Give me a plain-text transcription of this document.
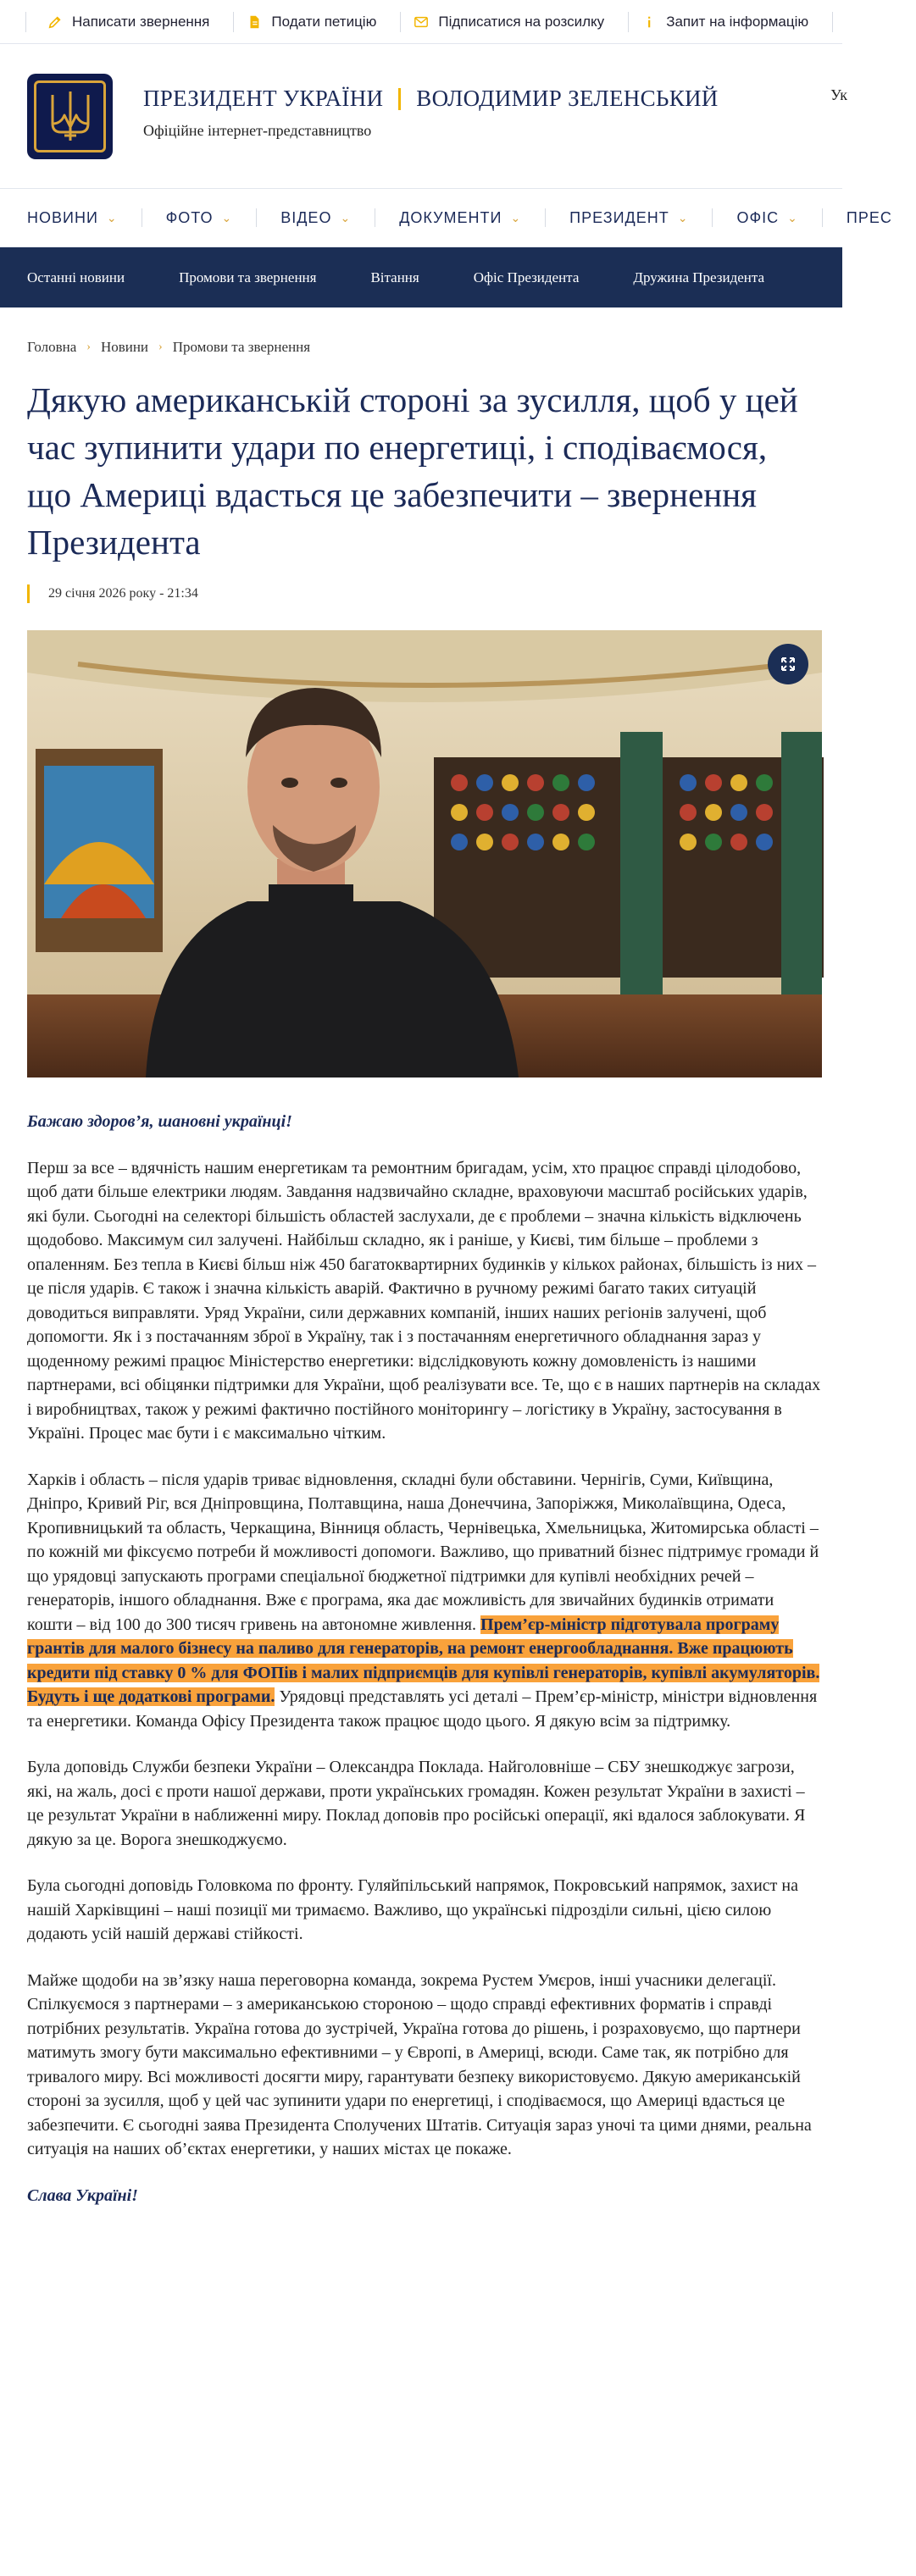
Написати звернення	Подати петицію	Підписатися на розсилку	Запит на інформацію
ПРЕЗИДЕНТ УКРАЇНИ ВОЛОДИМИР ЗЕЛЕНСЬКИЙ
Офіційне інтернет-представництво
Ук
НОВИНИ ⌄	ФОТО ⌄	ВІДЕО ⌄	ДОКУМЕНТИ ⌄	ПРЕЗИДЕНТ ⌄	ОФІС ⌄	ПРЕС
Останні новини	Промови та звернення	Вітання	Офіс Президента	Дружина Президента
Головна › Новини › Промови та звернення
Дякую американській стороні за зусилля, щоб у цей час зупинити удари по енергетиці, і сподіваємося, що Америці вдасться це забезпечити – звернення Президента
29 січня 2026 року - 21:34

Бажаю здоров’я, шановні українці!

Перш за все – вдячність нашим енергетикам та ремонтним бригадам, усім, хто працює справді цілодобово, щоб дати більше електрики людям. Завдання надзвичайно складне, враховуючи масштаб російських ударів, які були. Сьогодні на селекторі більшість областей заслухали, де є проблеми – значна кількість відключень щодобово. Максимум сил залучені. Найбільш складно, як і раніше, у Києві, тим більше – проблеми з опаленням. Без тепла в Києві більш ніж 450 багатоквартирних будинків у кількох районах, більшість із них – це після ударів. Є також і значна кількість аварій. Фактично в ручному режимі багато таких ситуацій доводиться виправляти. Уряд України, сили державних компаній, інших наших регіонів залучені, щоб допомогти. Як і з постачанням зброї в Україну, так і з постачанням енергетичного обладнання зараз у щоденному режимі працює Міністерство енергетики: відслідковують кожну домовленість із нашими партнерами, всі обіцянки підтримки для України, щоб реалізувати все. Те, що є в наших партнерів на складах і виробництвах, також у режимі фактично постійного моніторингу – логістику в Україну, застосування в Україні. Процес має бути і є максимально чітким.

Харків і область – після ударів триває відновлення, складні були обставини. Чернігів, Суми, Київщина, Дніпро, Кривий Ріг, вся Дніпровщина, Полтавщина, наша Донеччина, Запоріжжя, Миколаївщина, Одеса, Кропивницький та область, Черкащина, Вінниця область, Чернівецька, Хмельницька, Житомирська області – по кожній ми фіксуємо потреби й можливості допомоги. Важливо, що приватний бізнес підтримує громади й що урядовці запускають програми спеціальної бюджетної підтримки для купівлі необхідних речей – генераторів, іншого обладнання. Вже є програма, яка дає можливість для звичайних будинків отримати кошти – від 100 до 300 тисяч гривень на автономне живлення. Прем’єр-міністр підготувала програму грантів для малого бізнесу на паливо для генераторів, на ремонт енергообладнання. Вже працюють кредити під ставку 0 % для ФОПів і малих підприємців для купівлі генераторів, купівлі акумуляторів. Будуть і ще додаткові програми. Урядовці представлять усі деталі – Прем’єр-міністр, міністри відновлення та енергетики. Команда Офісу Президента також працює щодо цього. Я дякую всім за підтримку.

Була доповідь Служби безпеки України – Олександра Поклада. Найголовніше – СБУ знешкоджує загрози, які, на жаль, досі є проти нашої держави, проти українських громадян. Кожен результат України в захисті – це результат України в наближенні миру. Поклад доповів про російські операції, які вдалося заблокувати. Я дякую за це. Ворога знешкоджуємо.

Була сьогодні доповідь Головкома по фронту. Гуляйпільський напрямок, Покровський напрямок, захист на нашій Харківщині – наші позиції ми тримаємо. Важливо, що українські підрозділи сильні, цією силою додають усій нашій державі стійкості.

Майже щодоби на зв’язку наша переговорна команда, зокрема Рустем Умєров, інші учасники делегації. Спілкуємося з партнерами – з американською стороною – щодо справді ефективних форматів і справді потрібних результатів. Україна готова до зустрічей, Україна готова до рішень, і розраховуємо, що партнери матимуть змогу бути максимально ефективними – у Європі, в Америці, всюди. Саме так, як потрібно для тривалого миру. Всі можливості досягти миру, гарантувати безпеку використовуємо. Дякую американській стороні за зусилля, щоб у цей час зупинити удари по енергетиці, і сподіваємося, що Америці вдасться це забезпечити. Є сьогодні заява Президента Сполучених Штатів. Ситуація зараз уночі та цими днями, реальна ситуація на наших об’єктах енергетики, у наших містах це покаже.

Слава Україні!
